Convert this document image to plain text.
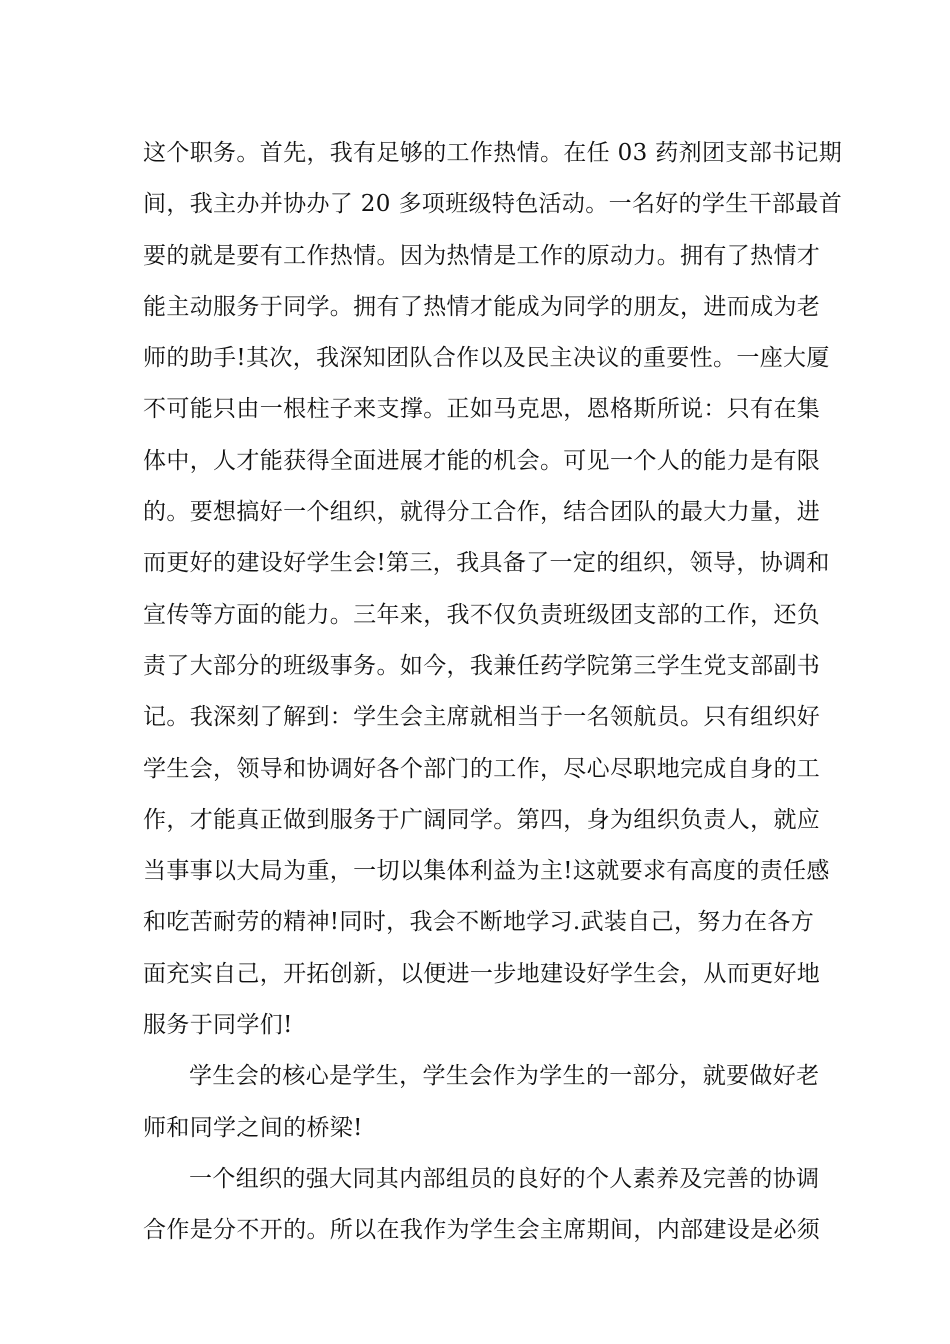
这个职务。首先，我有足够的工作热情。在任 03 药剂团支部书记期
间，我主办并协办了 20 多项班级特色活动。一名好的学生干部最首
要的就是要有工作热情。因为热情是工作的原动力。拥有了热情才
能主动服务于同学。拥有了热情才能成为同学的朋友，进而成为老
师的助手!其次，我深知团队合作以及民主决议的重要性。一座大厦
不可能只由一根柱子来支撑。正如马克思，恩格斯所说：只有在集
体中，人才能获得全面进展才能的机会。可见一个人的能力是有限
的。要想搞好一个组织，就得分工合作，结合团队的最大力量，进
而更好的建设好学生会!第三，我具备了一定的组织，领导，协调和
宣传等方面的能力。三年来，我不仅负责班级团支部的工作，还负
责了大部分的班级事务。如今，我兼任药学院第三学生党支部副书
记。我深刻了解到：学生会主席就相当于一名领航员。只有组织好
学生会，领导和协调好各个部门的工作，尽心尽职地完成自身的工
作，才能真正做到服务于广阔同学。第四，身为组织负责人，就应
当事事以大局为重，一切以集体利益为主!这就要求有高度的责任感
和吃苦耐劳的精神!同时，我会不断地学习.武装自己，努力在各方
面充实自己，开拓创新，以便进一步地建设好学生会，从而更好地
服务于同学们!
学生会的核心是学生，学生会作为学生的一部分，就要做好老
师和同学之间的桥梁!
一个组织的强大同其内部组员的良好的个人素养及完善的协调
合作是分不开的。所以在我作为学生会主席期间，内部建设是必须
